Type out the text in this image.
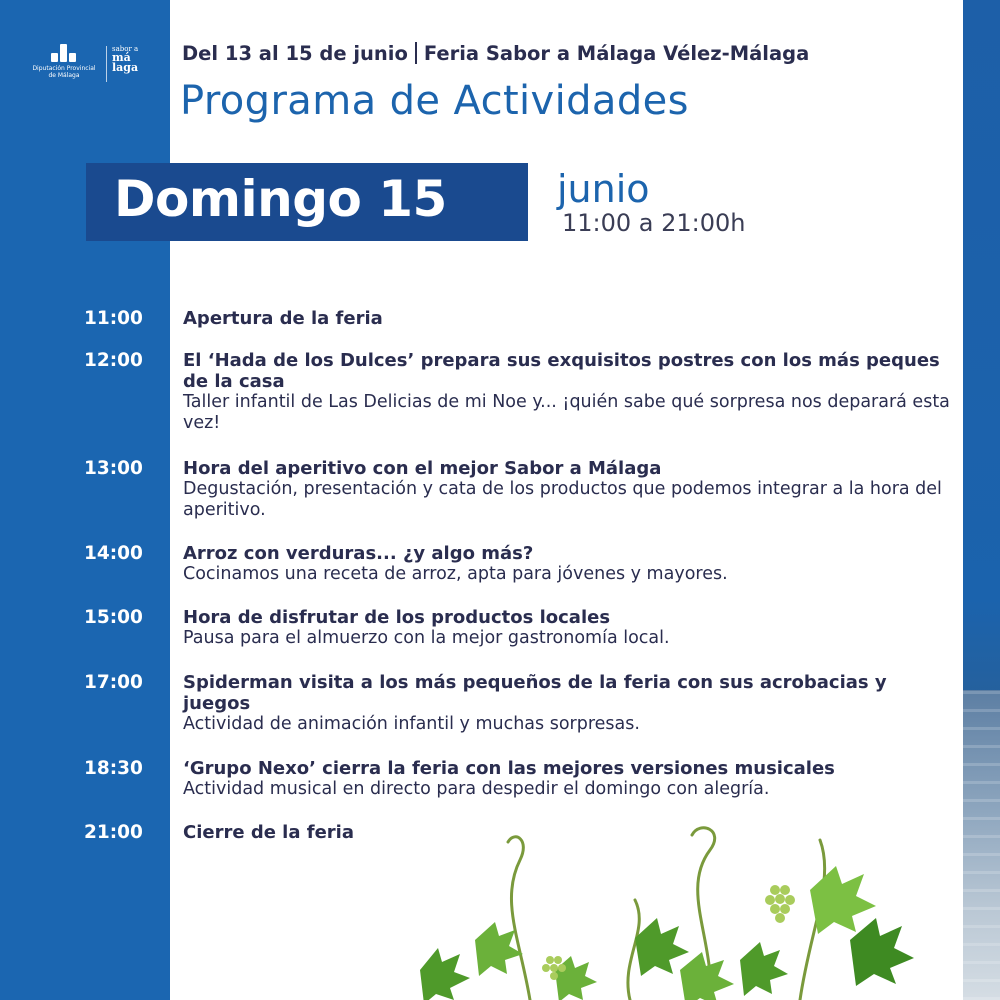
Diputación Provincial
de Málaga
sabor a
má
laga
Del 13 al 15 de junio Feria Sabor a Málaga Vélez-Málaga
Programa de Actividades
Domingo 15	junio
11:00 a 21:00h
11:00	Apertura de la feria
12:00	El ‘Hada de los Dulces’ prepara sus exquisitos postres con los más peques de la casa
Taller infantil de Las Delicias de mi Noe y... ¡quién sabe qué sorpresa nos deparará esta vez!
13:00	Hora del aperitivo con el mejor Sabor a Málaga
Degustación, presentación y cata de los productos que podemos integrar a la hora del aperitivo.
14:00	Arroz con verduras... ¿y algo más?
Cocinamos una receta de arroz, apta para jóvenes y mayores.
15:00	Hora de disfrutar de los productos locales
Pausa para el almuerzo con la mejor gastronomía local.
17:00	Spiderman visita a los más pequeños de la feria con sus acrobacias y juegos
Actividad de animación infantil y muchas sorpresas.
18:30	‘Grupo Nexo’ cierra la feria con las mejores versiones musicales
Actividad musical en directo para despedir el domingo con alegría.
21:00	Cierre de la feria
